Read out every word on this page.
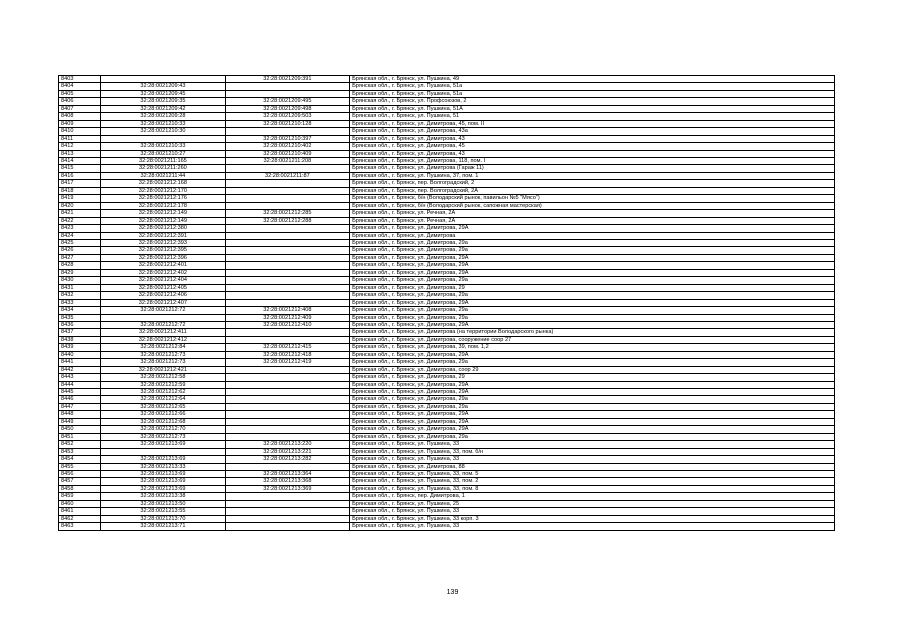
8403		32:28:0021209:391	Брянская обл., г. Брянск, ул. Пушкина, 49
8404	32:28:0021209:43		Брянская обл., г. Брянск, ул. Пушкина, 51а
8405	32:28:0021209:45		Брянская обл., г. Брянск, ул. Пушкина, 51а
8406	32:28:0021209:35	32:28:0021209:495	Брянская обл., г. Брянск, ул. Профсоюзов, 2
8407	32:28:0021209:42	32:28:0021209:498	Брянская обл., г. Брянск, ул. Пушкина, 51А
8408	32:28:0021209:28	32:28:0021209:503	Брянская обл., г. Брянск, ул. Пушкина, 51
8409	32:28:0021210:33	32:28:0021210:128	Брянская обл., г. Брянск, ул. Димитрова, 45, пом. II
8410	32:28:0021210:30		Брянская обл., г. Брянск, ул. Димитрова, 43а
8411		32:28:0021210:397	Брянская обл., г. Брянск, ул. Димитрова, 43
8412	32:28:0021210:33	32:28:0021210:402	Брянская обл., г. Брянск, ул. Димитрова, 45
8413	32:28:0021210:27	32:28:0021210:409	Брянская обл., г. Брянск, ул. Димитрова, 43
8414	32:28:0021211:165	32:28:0021211:208	Брянская обл., г. Брянск, ул. Димитрова, 118, пом. I
8415	32:28:0021211:260		Брянская обл., г. Брянск, ул. Димитрова (Гараж 11)
8416	32:28:0021211:44	32:28:0021211:87	Брянская обл., г. Брянск, ул. Пушкина, 37, пом. 1
8417	32:28:0021212:168		Брянская обл., г. Брянск, пер. Волгоградский, 2
8418	32:28:0021212:170		Брянская обл., г. Брянск, пер. Волгоградский, 2А
8419	32:28:0021212:176		Брянская обл., г. Брянск, б/н (Володарский рынок, павильон №5 "Мясо")
8420	32:28:0021212:178		Брянская обл., г. Брянск, б/н (Володарский рынок, сапожная мастерская)
8421	32:28:0021212:149	32:28:0021212:285	Брянская обл., г. Брянск, ул. Речная, 2А
8422	32:28:0021212:149	32:28:0021212:288	Брянская обл., г. Брянск, ул. Речная, 2А
8423	32:28:0021212:380		Брянская обл., г. Брянск, ул. Димитрова, 29А
8424	32:28:0021212:391		Брянская обл., г. Брянск, ул. Димитрова
8425	32:28:0021212:393		Брянская обл., г. Брянск, ул. Димитрова, 29а
8426	32:28:0021212:395		Брянская обл., г. Брянск, ул. Димитрова, 29а
8427	32:28:0021212:396		Брянская обл., г. Брянск, ул. Димитрова, 29А
8428	32:28:0021212:401		Брянская обл., г. Брянск, ул. Димитрова, 29А
8429	32:28:0021212:402		Брянская обл., г. Брянск, ул. Димитрова, 29А
8430	32:28:0021212:404		Брянская обл., г. Брянск, ул. Димитрова, 29а
8431	32:28:0021212:405		Брянская обл., г. Брянск, ул. Димитрова, 29
8432	32:28:0021212:406		Брянская обл., г. Брянск, ул. Димитрова, 29а
8433	32:28:0021212:407		Брянская обл., г. Брянск, ул. Димитрова, 29А
8434	32:28:0021212:72	32:28:0021212:408	Брянская обл., г. Брянск, ул. Димитрова, 29а
8435		32:28:0021212:409	Брянская обл., г. Брянск, ул. Димитрова, 29а
8436	32:28:0021212:72	32:28:0021212:410	Брянская обл., г. Брянск, ул. Димитрова, 29А
8437	32:28:0021212:411		Брянская обл., г. Брянск, ул. Димитрова (на территории Володарского рынка)
8438	32:28:0021212:412		Брянская обл., г. Брянск, ул. Димитрова, сооружение соор 27
8439	32:28:0021212:84	32:28:0021212:415	Брянская обл., г. Брянск, ул. Димитрова, 39, пом. 1,2
8440	32:28:0021212:73	32:28:0021212:418	Брянская обл., г. Брянск, ул. Димитрова, 29А
8441	32:28:0021212:73	32:28:0021212:419	Брянская обл., г. Брянск, ул. Димитрова, 29а
8442	32:28:0021212:421		Брянская обл., г. Брянск, ул. Димитрова, соор 29
8443	32:28:0021212:58		Брянская обл., г. Брянск, ул. Димитрова, 29
8444	32:28:0021212:59		Брянская обл., г. Брянск, ул. Димитрова, 29А
8445	32:28:0021212:62		Брянская обл., г. Брянск, ул. Димитрова, 29А
8446	32:28:0021212:64		Брянская обл., г. Брянск, ул. Димитрова, 29а
8447	32:28:0021212:65		Брянская обл., г. Брянск, ул. Димитрова, 29а
8448	32:28:0021212:66		Брянская обл., г. Брянск, ул. Димитрова, 29А
8449	32:28:0021212:68		Брянская обл., г. Брянск, ул. Димитрова, 29А
8450	32:28:0021212:70		Брянская обл., г. Брянск, ул. Димитрова, 29А
8451	32:28:0021212:73		Брянская обл., г. Брянск, ул. Димитрова, 29а
8452	32:28:0021213:69	32:28:0021213:220	Брянская обл., г. Брянск, ул. Пушкина, 33
8453		32:28:0021213:221	Брянская обл., г. Брянск, ул. Пушкина, 33, пом. б/н
8454	32:28:0021213:69	32:28:0021213:282	Брянская обл., г. Брянск, ул. Пушкина, 33
8455	32:28:0021213:33		Брянская обл., г. Брянск, ул. Димитрова, 88
8456	32:28:0021213:69	32:28:0021213:364	Брянская обл., г. Брянск, ул. Пушкина, 33, пом. 5
8457	32:28:0021213:69	32:28:0021213:368	Брянская обл., г. Брянск, ул. Пушкина, 33, пом. 2
8458	32:28:0021213:69	32:28:0021213:369	Брянская обл., г. Брянск, ул. Пушкина, 33, пом. 8
8459	32:28:0021213:38		Брянская обл., г. Брянск, пер. Димитрова, 1
8460	32:28:0021213:50		Брянская обл., г. Брянск, ул. Пушкина, 25
8461	32:28:0021213:55		Брянская обл., г. Брянск, ул. Пушкина, 33
8462	32:28:0021213:70		Брянская обл., г. Брянск, ул. Пушкина, 33 корп. 3
8463	32:28:0021213:71		Брянская обл., г. Брянск, ул. Пушкина, 33
139
